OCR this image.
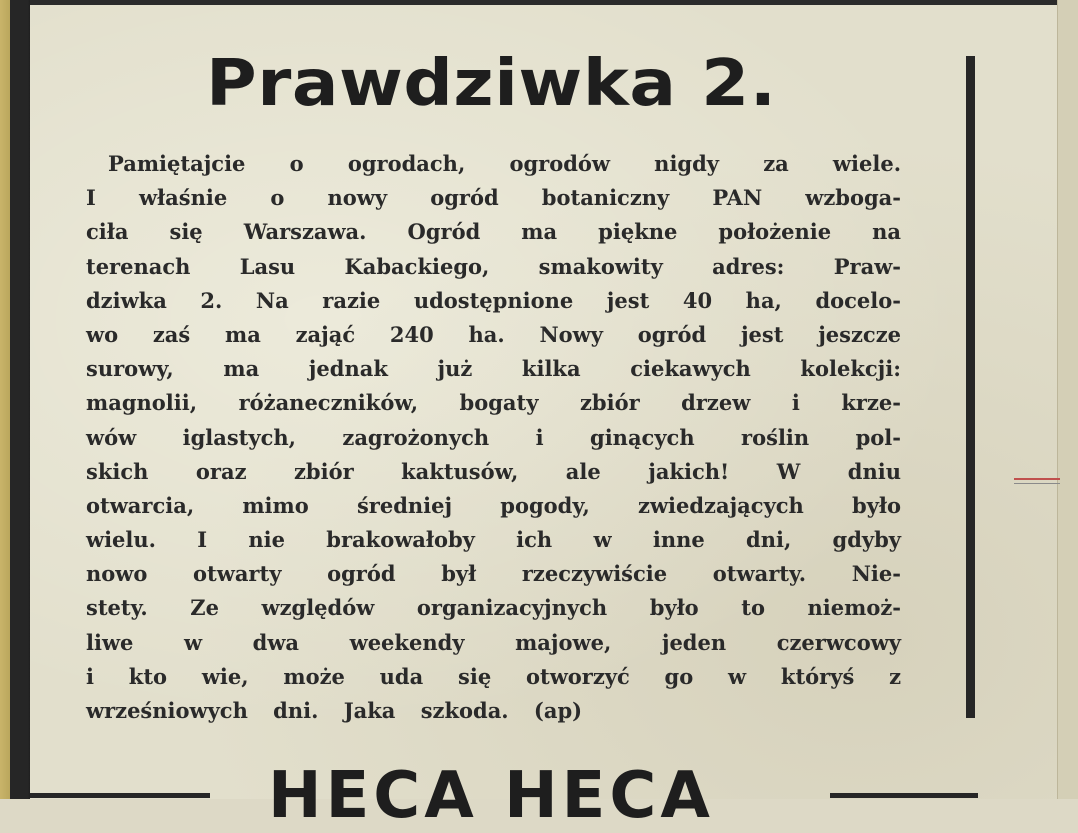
Prawdziwka 2.
Pamiętajcie o ogrodach, ogrodów nigdy za wiele.
I właśnie o nowy ogród botaniczny PAN wzboga-
ciła się Warszawa. Ogród ma piękne położenie na
terenach Lasu Kabackiego, smakowity adres: Praw-
dziwka 2. Na razie udostępnione jest 40 ha, docelo-
wo zaś ma zająć 240 ha. Nowy ogród jest jeszcze
surowy, ma jednak już kilka ciekawych kolekcji:
magnolii, różaneczników, bogaty zbiór drzew i krze-
wów iglastych, zagrożonych i ginących roślin pol-
skich oraz zbiór kaktusów, ale jakich! W dniu
otwarcia, mimo średniej pogody, zwiedzających było
wielu. I nie brakowałoby ich w inne dni, gdyby
nowo otwarty ogród był rzeczywiście otwarty. Nie-
stety. Ze względów organizacyjnych było to niemoż-
liwe w dwa weekendy majowe, jeden czerwcowy
i kto wie, może uda się otworzyć go w któryś z
wrześniowych dni. Jaka szkoda. (ap)
HECA HECA
